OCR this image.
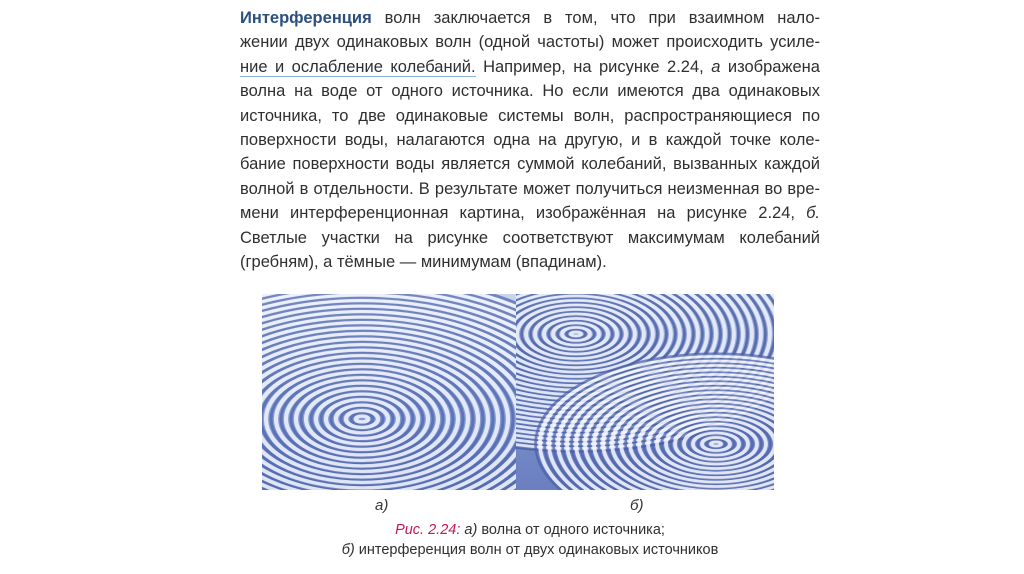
Интерференция волн заключается в том, что при взаимном нало-
жении двух одинаковых волн (одной частоты) может происходить усиле-
ние и ослабление колебаний. Например, на рисунке 2.24, а изображена
волна на воде от одного источника. Но если имеются два одинаковых
источника, то две одинаковые системы волн, распространяющиеся по
поверхности воды, налагаются одна на другую, и в каждой точке коле-
бание поверхности воды является суммой колебаний, вызванных каждой
волной в отдельности. В результате может получиться неизменная во вре-
мени интерференционная картина, изображённая на рисунке 2.24, б.
Светлые участки на рисунке соответствуют максимумам колебаний
(гребням), а тёмные — минимумам (впадинам).
а)	б)
Рис. 2.24: а) волна от одного источника;
б) интерференция волн от двух одинаковых источников
